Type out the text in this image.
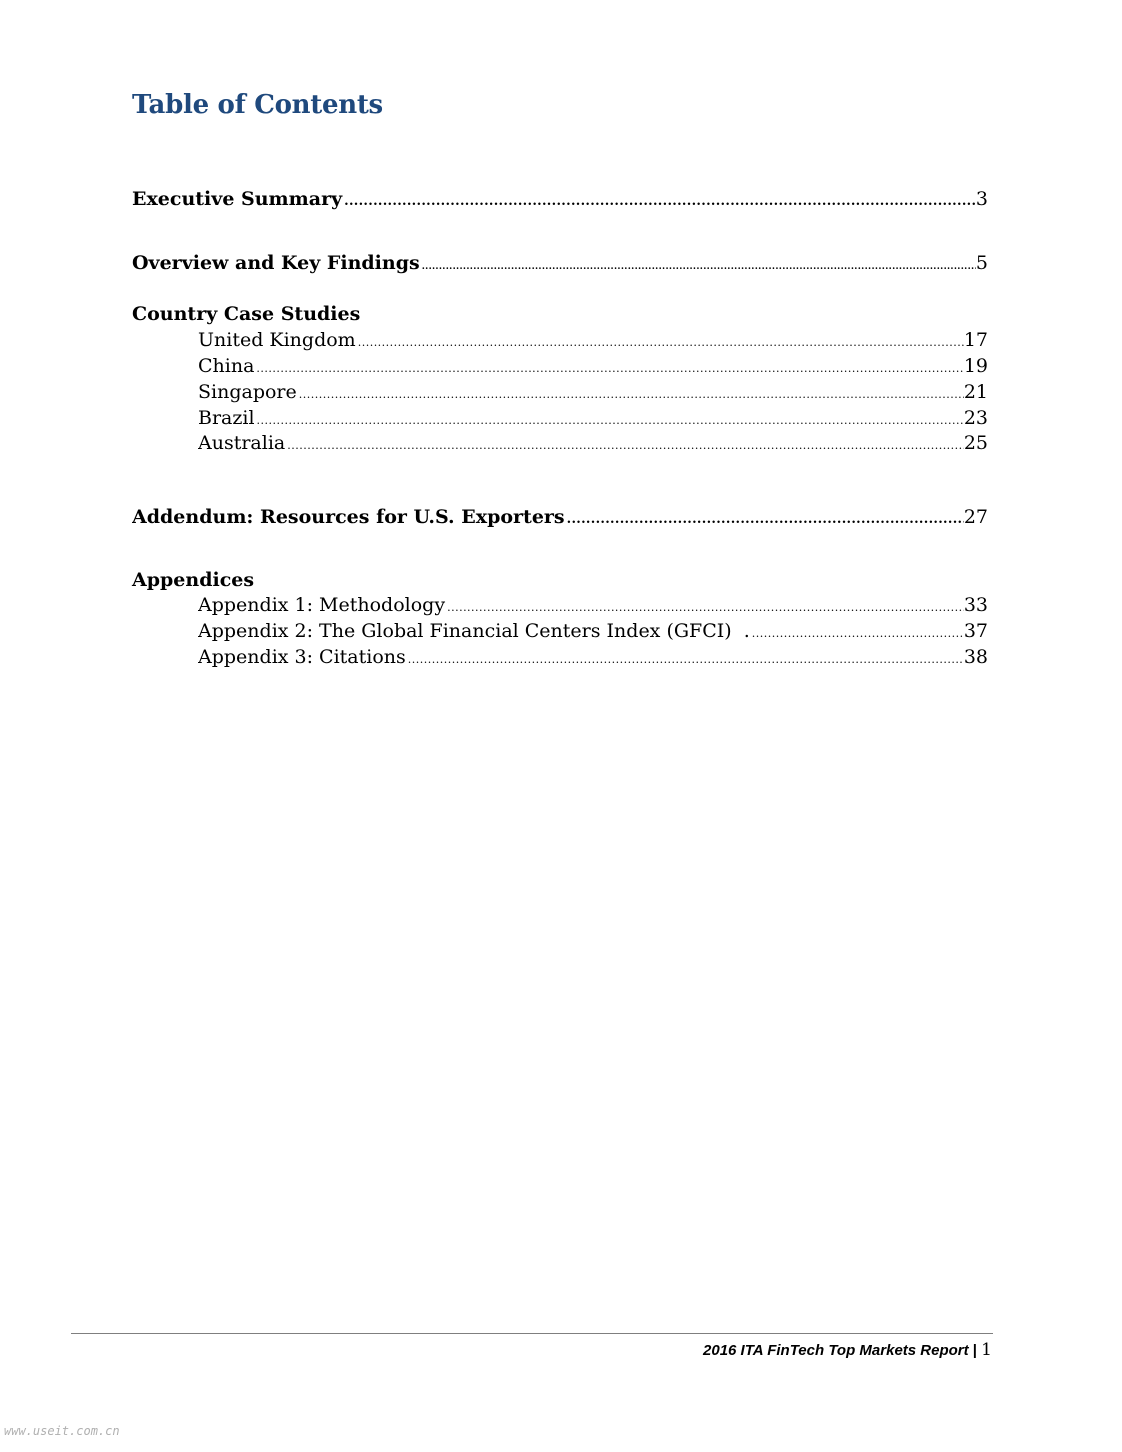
Table of Contents
Executive Summary .....	3
Overview and Key Findings .....	5
Country Case Studies
United Kingdom .....	17
China .....	19
Singapore .....	21
Brazil .....	23
Australia .....	25
Addendum: Resources for U.S. Exporters .....	27
Appendices
Appendix 1: Methodology .....	33
Appendix 2: The Global Financial Centers Index (GFCI)  . .....	37
Appendix 3: Citations .....	38
2016 ITA FinTech Top Markets Report | 1
www.useit.com.cn
